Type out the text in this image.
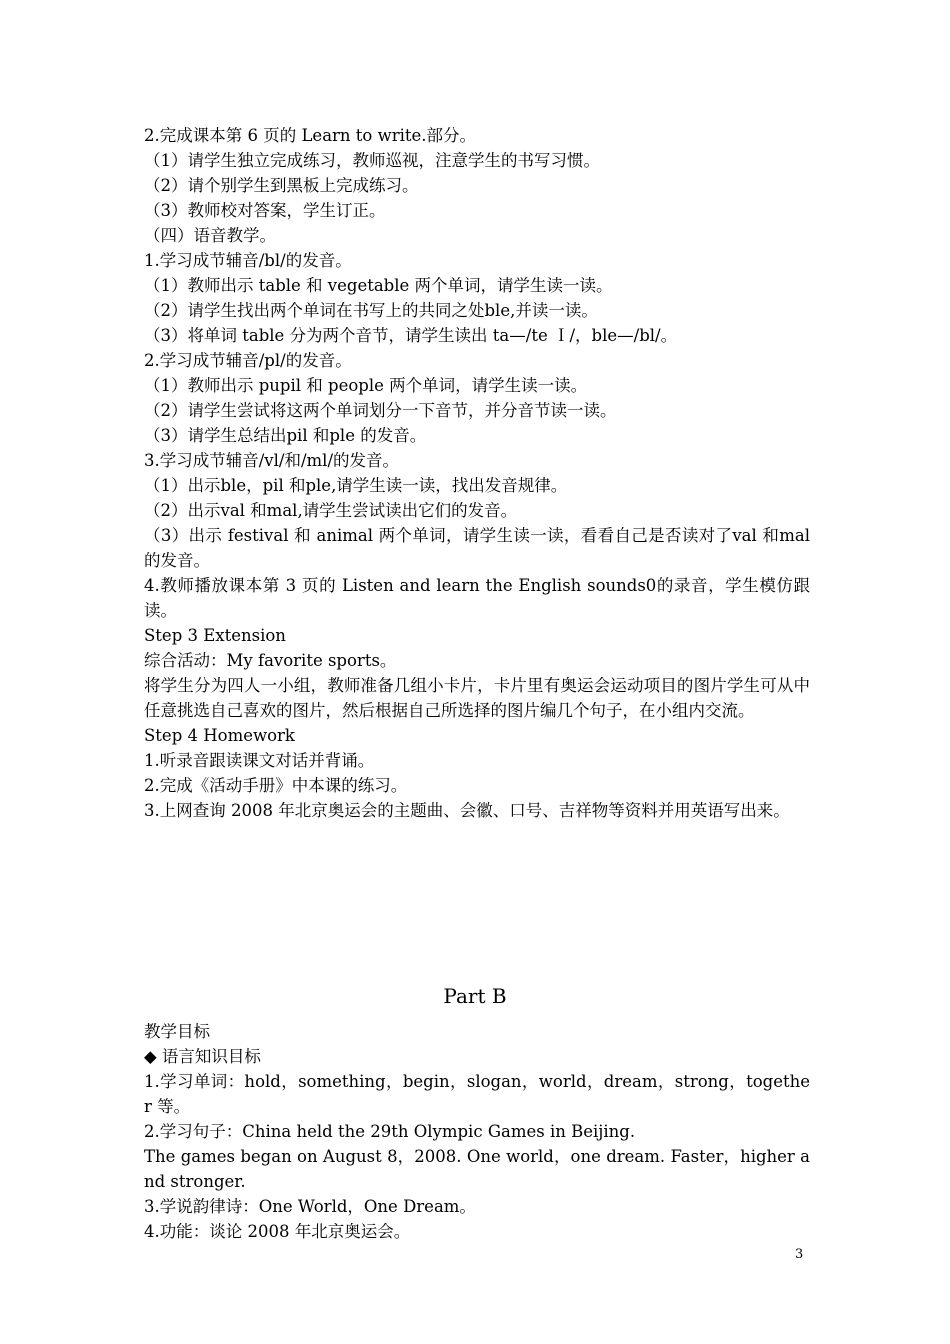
2.完成课本第 6 页的 Learn to write.部分。

（1）请学生独立完成练习，教师巡视，注意学生的书写习惯。

（2）请个别学生到黑板上完成练习。

（3）教师校对答案，学生订正。

（四）语音教学。

1.学习成节辅音/bl/的发音。

（1）教师出示 table 和 vegetable 两个单词，请学生读一读。

（2）请学生找出两个单词在书写上的共同之处ble,并读一读。

（3）将单词 table 分为两个音节，请学生读出 ta—/te Ｉ/，ble—/bl/。

2.学习成节辅音/pl/的发音。

（1）教师出示 pupil 和 people 两个单词，请学生读一读。

（2）请学生尝试将这两个单词划分一下音节，并分音节读一读。

（3）请学生总结出pil 和ple 的发音。

3.学习成节辅音/vl/和/ml/的发音。

（1）出示ble，pil 和ple,请学生读一读，找出发音规律。

（2）出示val 和mal,请学生尝试读出它们的发音。

（3）出示 festival 和 animal 两个单词，请学生读一读，看看自己是否读对了val 和mal 的发音。

4.教师播放课本第 3 页的 Listen and learn the English sounds0的录音，学生模仿跟读。

Step 3 Extension

综合活动：My favorite sports。

将学生分为四人一小组，教师准备几组小卡片，卡片里有奥运会运动项目的图片学生可从中任意挑选自己喜欢的图片，然后根据自己所选择的图片编几个句子，在小组内交流。

Step 4 Homework

1.听录音跟读课文对话并背诵。

2.完成《活动手册》中本课的练习。

3.上网查询 2008 年北京奥运会的主题曲、会徽、口号、吉祥物等资料并用英语写出来。

Part B

教学目标

◆ 语言知识目标

1.学习单词：hold，something，begin，slogan，world，dream，strong，together 等。

2.学习句子：China held the 29th Olympic Games in Beijing.

The games began on August 8，2008. One world，one dream. Faster，higher and stronger.

3.学说韵律诗：One World，One Dream。

4.功能：谈论 2008 年北京奥运会。

3
